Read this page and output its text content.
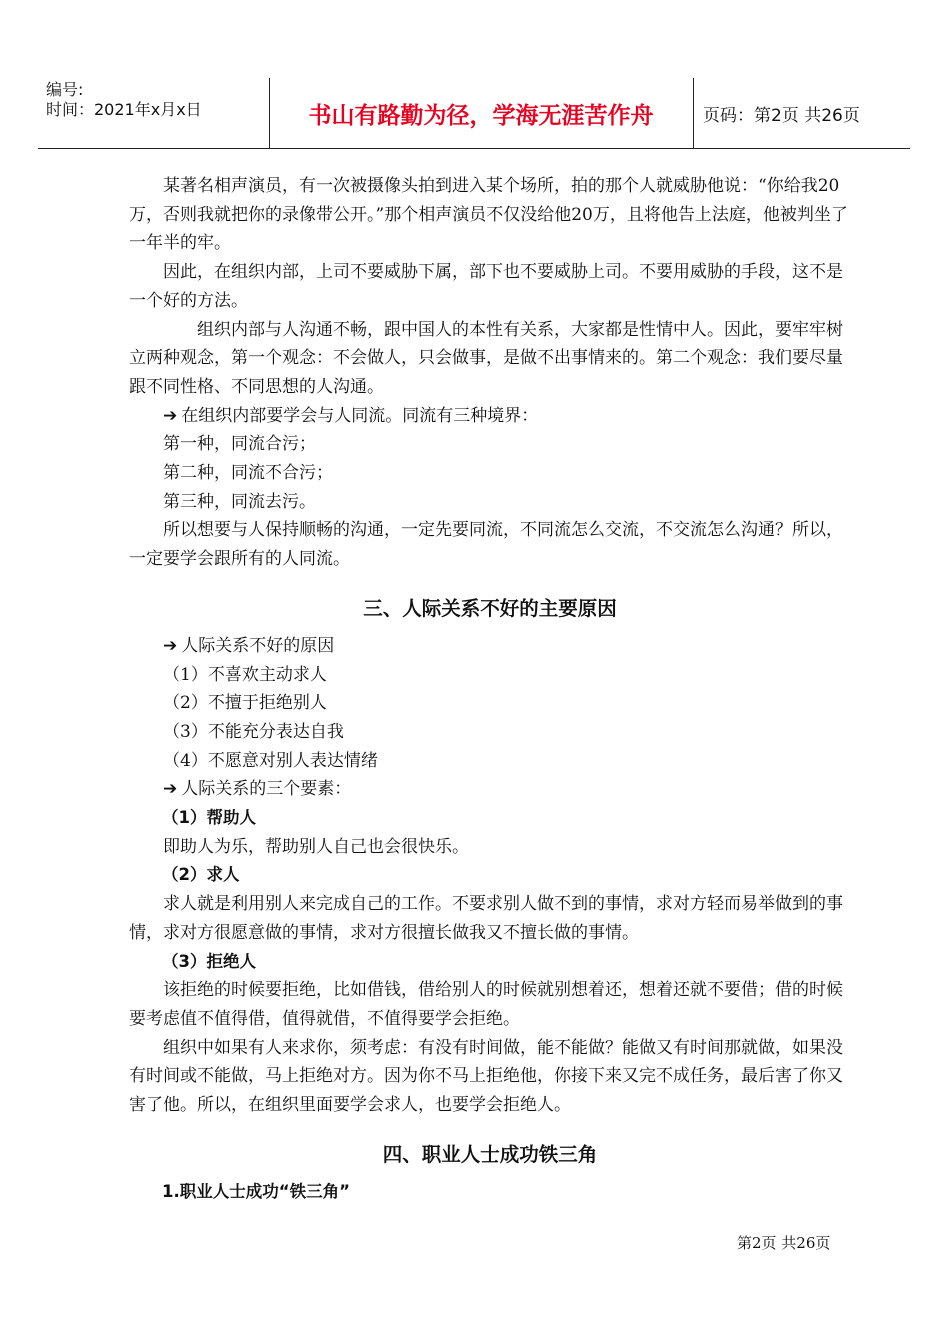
编号:
时间：2021年x月x日	书山有路勤为径，学海无涯苦作舟	页码：第2页 共26页

某著名相声演员，有一次被摄像头拍到进入某个场所，拍的那个人就威胁他说：“你给我20万，否则我就把你的录像带公开。”那个相声演员不仅没给他20万，且将他告上法庭，他被判坐了一年半的牢。

因此，在组织内部，上司不要威胁下属，部下也不要威胁上司。不要用威胁的手段，这不是一个好的方法。

组织内部与人沟通不畅，跟中国人的本性有关系，大家都是性情中人。因此，要牢牢树立两种观念，第一个观念：不会做人，只会做事，是做不出事情来的。第二个观念：我们要尽量跟不同性格、不同思想的人沟通。

➔ 在组织内部要学会与人同流。同流有三种境界：

第一种，同流合污；

第二种，同流不合污；

第三种，同流去污。

所以想要与人保持顺畅的沟通，一定先要同流，不同流怎么交流，不交流怎么沟通？所以，一定要学会跟所有的人同流。

三、人际关系不好的主要原因

➔ 人际关系不好的原因

（1）不喜欢主动求人

（2）不擅于拒绝别人

（3）不能充分表达自我

（4）不愿意对别人表达情绪

➔ 人际关系的三个要素：

（1）帮助人

即助人为乐，帮助别人自己也会很快乐。

（2）求人

求人就是利用别人来完成自己的工作。不要求别人做不到的事情，求对方轻而易举做到的事情，求对方很愿意做的事情，求对方很擅长做我又不擅长做的事情。

（3）拒绝人

该拒绝的时候要拒绝，比如借钱，借给别人的时候就别想着还，想着还就不要借；借的时候要考虑值不值得借，值得就借，不值得要学会拒绝。

组织中如果有人来求你，须考虑：有没有时间做，能不能做？能做又有时间那就做，如果没有时间或不能做，马上拒绝对方。因为你不马上拒绝他，你接下来又完不成任务，最后害了你又害了他。所以，在组织里面要学会求人，也要学会拒绝人。

四、职业人士成功铁三角

1.职业人士成功“铁三角”

第2页 共26页
